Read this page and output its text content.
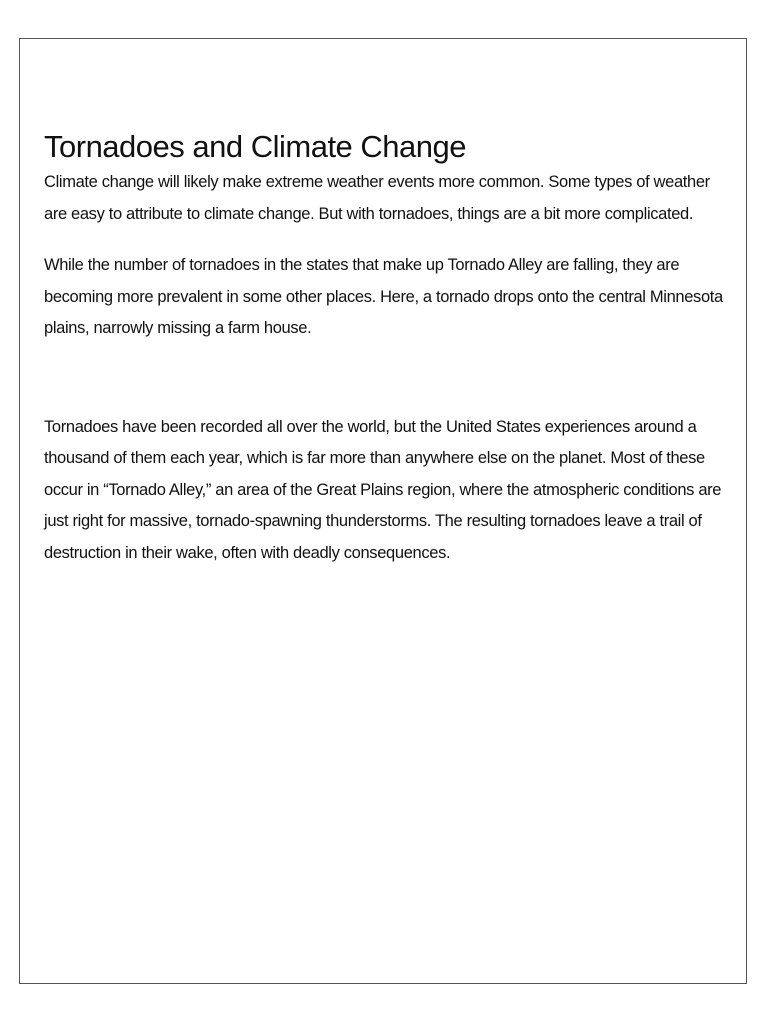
Tornadoes and Climate Change

Climate change will likely make extreme weather events more common. Some types of weather are easy to attribute to climate change. But with tornadoes, things are a bit more complicated.

While the number of tornadoes in the states that make up Tornado Alley are falling, they are becoming more prevalent in some other places. Here, a tornado drops onto the central Minnesota plains, narrowly missing a farm house.

Tornadoes have been recorded all over the world, but the United States experiences around a thousand of them each year, which is far more than anywhere else on the planet. Most of these occur in “Tornado Alley,” an area of the Great Plains region, where the atmospheric conditions are just right for massive, tornado-spawning thunderstorms. The resulting tornadoes leave a trail of destruction in their wake, often with deadly consequences.
